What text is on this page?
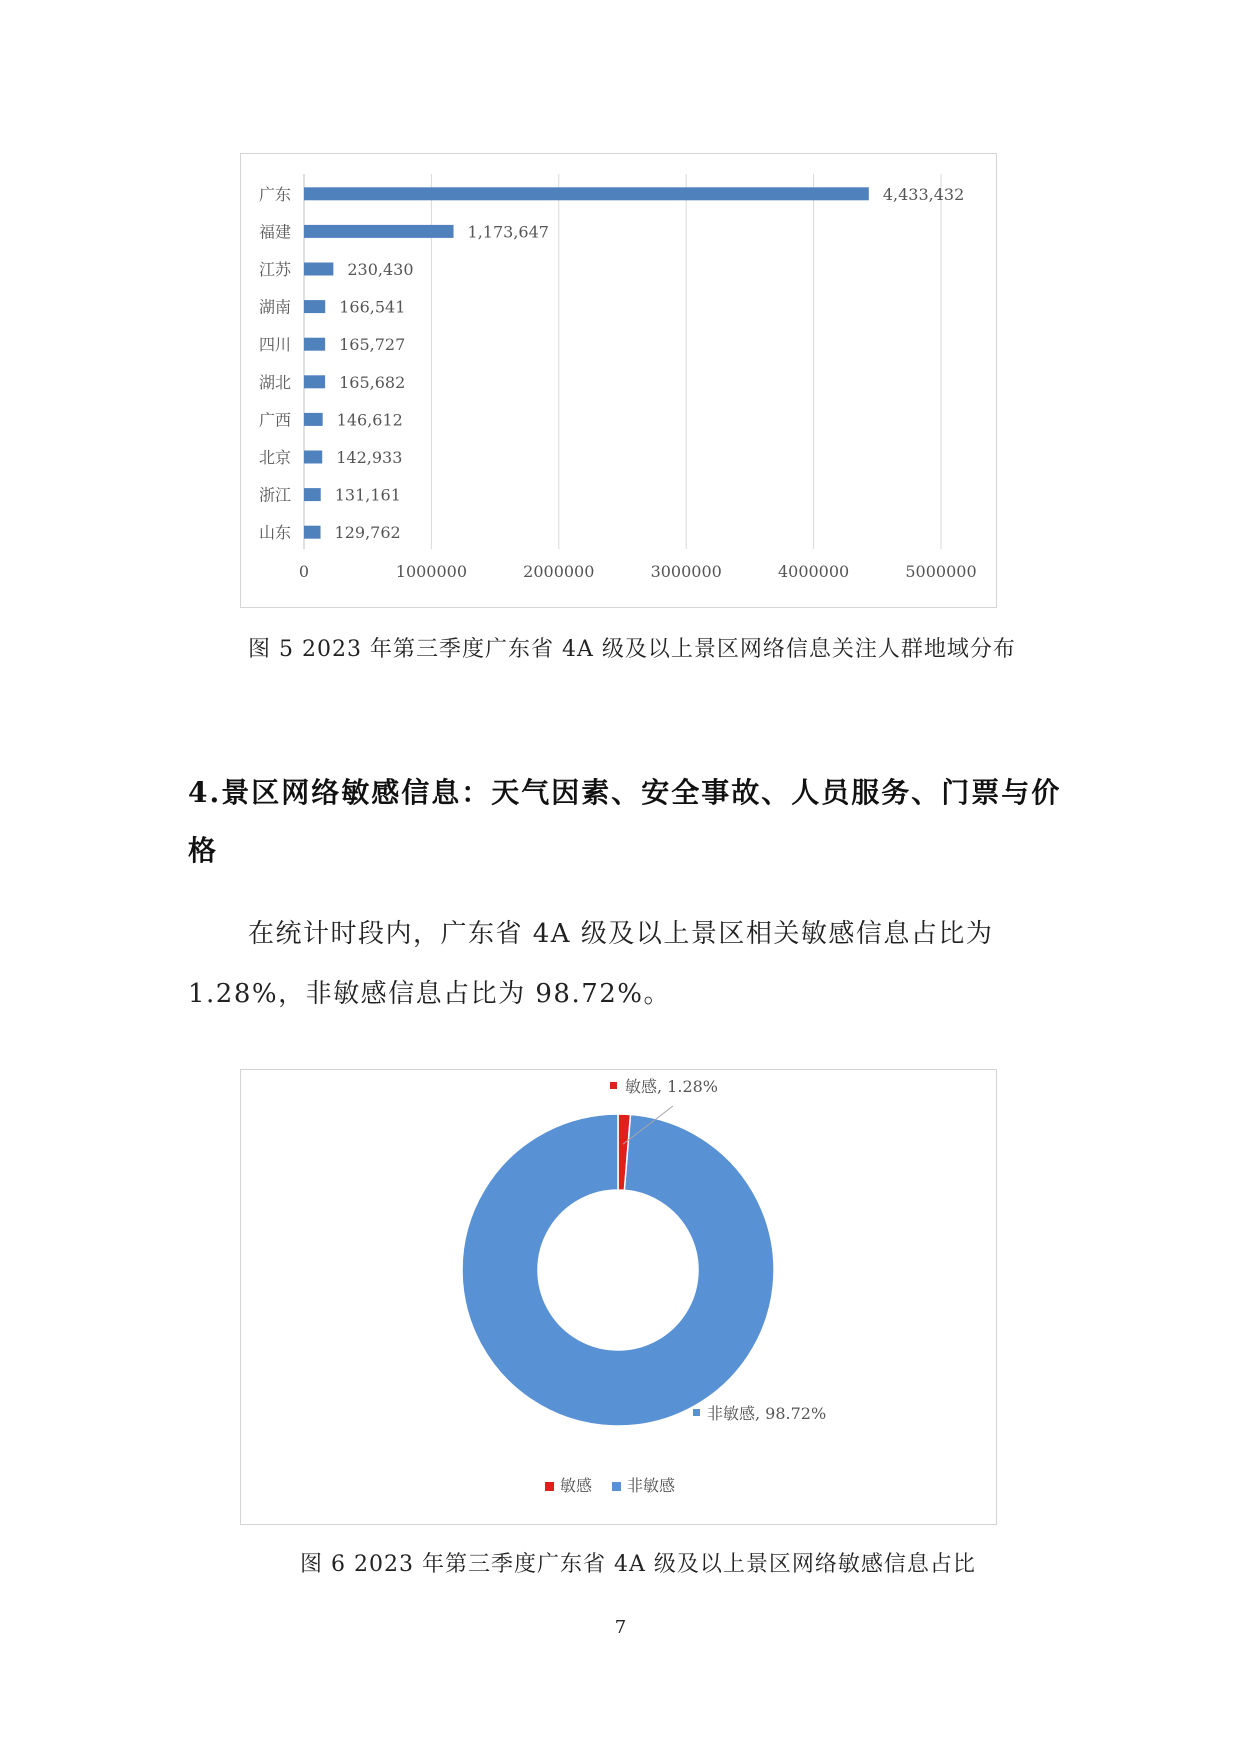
0	1000000	2000000	3000000	4000000	5000000
广东	4,433,432
福建	1,173,647
江苏	230,430
湖南	166,541
四川	165,727
湖北	165,682
广西	146,612
北京	142,933
浙江	131,161
山东	129,762
图 5 2023 年第三季度广东省 4A 级及以上景区网络信息关注人群地域分布
4.景区网络敏感信息：天气因素、安全事故、人员服务、门票与价格
在统计时段内，广东省 4A 级及以上景区相关敏感信息占比为 1.28%，非敏感信息占比为 98.72%。
敏感, 1.28%
非敏感, 98.72%
敏感 非敏感
图 6 2023 年第三季度广东省 4A 级及以上景区网络敏感信息占比
7
